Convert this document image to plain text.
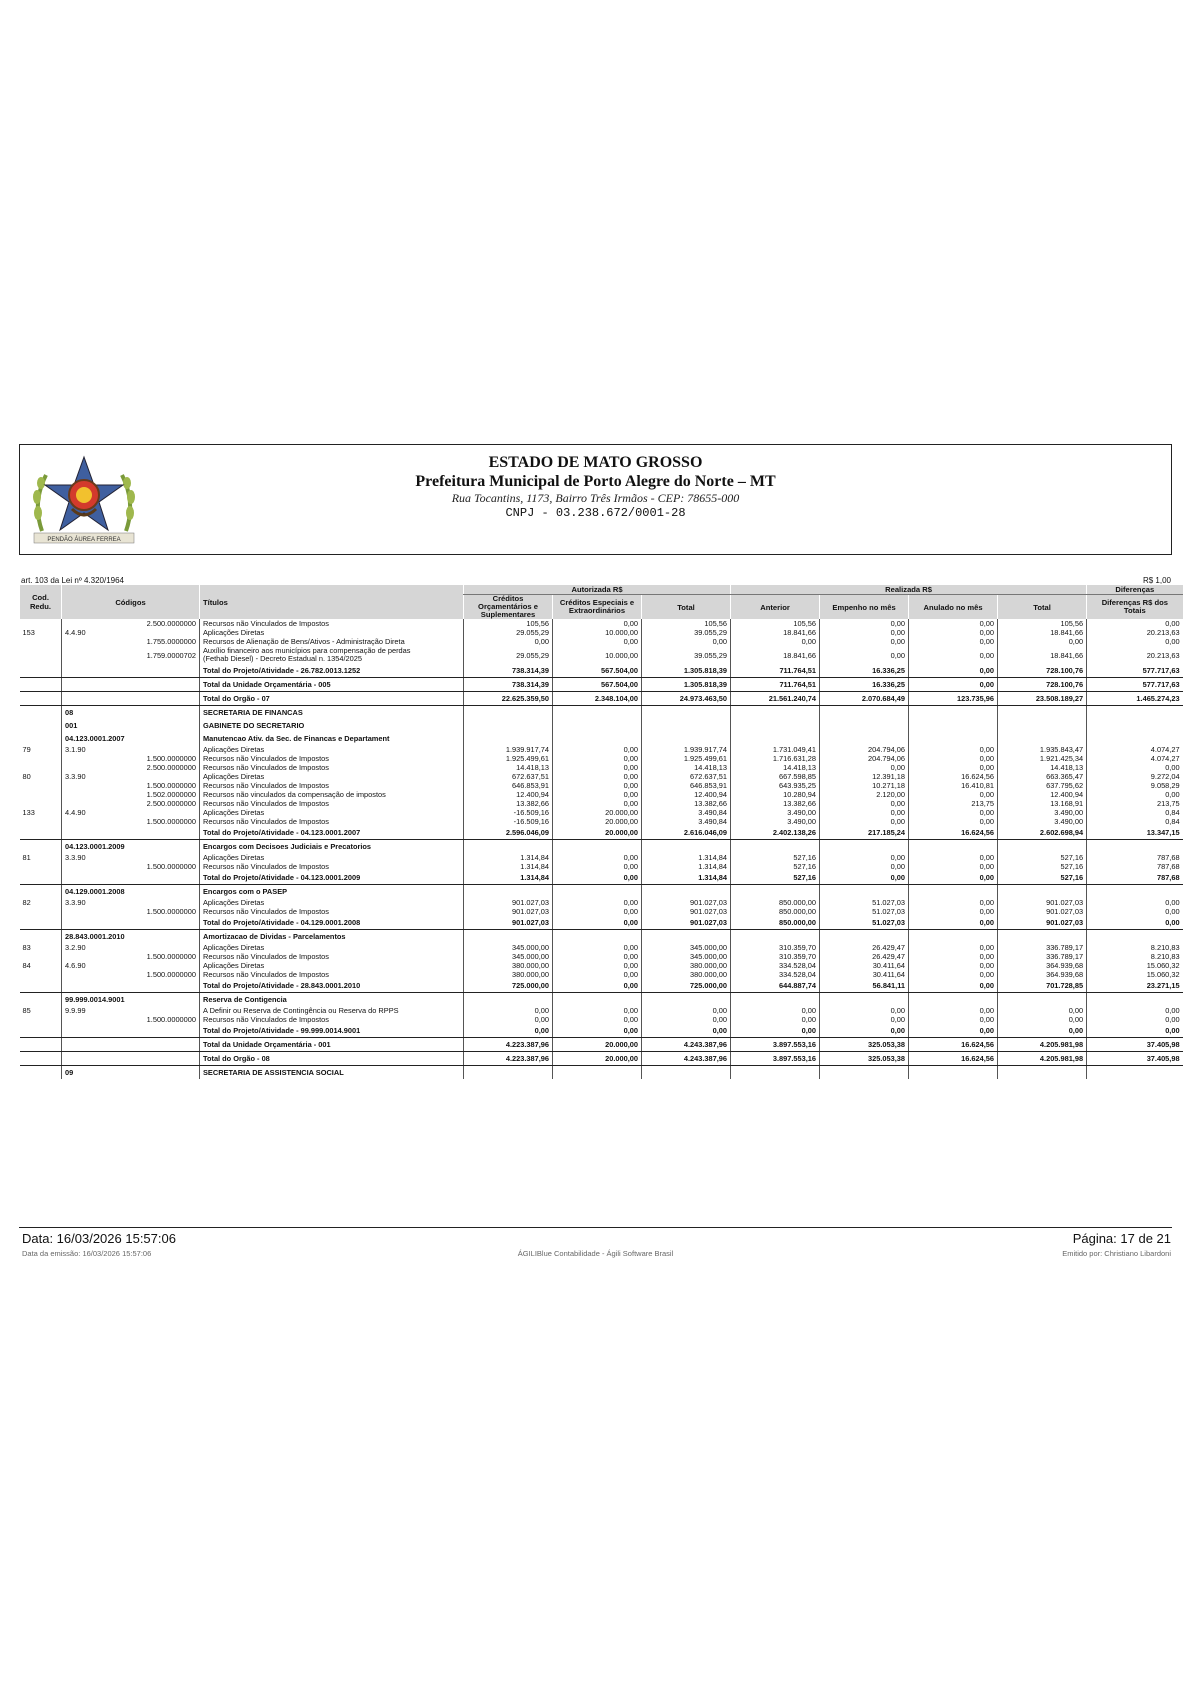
PENDÃO ÁUREA FERREA
ESTADO DE MATO GROSSO
Prefeitura Municipal de Porto Alegre do Norte – MT
Rua Tocantins, 1173, Bairro Três Irmãos - CEP: 78655-000
CNPJ - 03.238.672/0001-28
art. 103 da Lei nº 4.320/1964	R$ 1,00
Cod. Redu.	Códigos	Títulos	Autorizada R$			Realizada R$				Diferenças
			Créditos Orçamentários e Suplementares	Créditos Especiais e Extraordinários	Total	Anterior	Empenho no mês	Anulado no mês	Total	Diferenças R$ dos Totais
	2.500.0000000	Recursos não Vinculados de Impostos	105,56	0,00	105,56	105,56	0,00	0,00	105,56	0,00
153	4.4.90	Aplicações Diretas	29.055,29	10.000,00	39.055,29	18.841,66	0,00	0,00	18.841,66	20.213,63
	1.755.0000000	Recursos de Alienação de Bens/Ativos - Administração Direta	0,00	0,00	0,00	0,00	0,00	0,00	0,00	0,00
	1.759.0000702	Auxílio financeiro aos municípios para compensação de perdas
(Fethab Diesel) - Decreto Estadual n. 1354/2025	29.055,29	10.000,00	39.055,29	18.841,66	0,00	0,00	18.841,66	20.213,63
		Total do Projeto/Atividade - 26.782.0013.1252	738.314,39	567.504,00	1.305.818,39	711.764,51	16.336,25	0,00	728.100,76	577.717,63
		Total da Unidade Orçamentária - 005	738.314,39	567.504,00	1.305.818,39	711.764,51	16.336,25	0,00	728.100,76	577.717,63
		Total do Orgão - 07	22.625.359,50	2.348.104,00	24.973.463,50	21.561.240,74	2.070.684,49	123.735,96	23.508.189,27	1.465.274,23
	08	SECRETARIA DE FINANCAS								
	001	GABINETE DO SECRETARIO								
	04.123.0001.2007	Manutencao Ativ. da Sec. de Financas e Departament								
79	3.1.90	Aplicações Diretas	1.939.917,74	0,00	1.939.917,74	1.731.049,41	204.794,06	0,00	1.935.843,47	4.074,27
	1.500.0000000	Recursos não Vinculados de Impostos	1.925.499,61	0,00	1.925.499,61	1.716.631,28	204.794,06	0,00	1.921.425,34	4.074,27
	2.500.0000000	Recursos não Vinculados de Impostos	14.418,13	0,00	14.418,13	14.418,13	0,00	0,00	14.418,13	0,00
80	3.3.90	Aplicações Diretas	672.637,51	0,00	672.637,51	667.598,85	12.391,18	16.624,56	663.365,47	9.272,04
	1.500.0000000	Recursos não Vinculados de Impostos	646.853,91	0,00	646.853,91	643.935,25	10.271,18	16.410,81	637.795,62	9.058,29
	1.502.0000000	Recursos não vinculados da compensação de impostos	12.400,94	0,00	12.400,94	10.280,94	2.120,00	0,00	12.400,94	0,00
	2.500.0000000	Recursos não Vinculados de Impostos	13.382,66	0,00	13.382,66	13.382,66	0,00	213,75	13.168,91	213,75
133	4.4.90	Aplicações Diretas	-16.509,16	20.000,00	3.490,84	3.490,00	0,00	0,00	3.490,00	0,84
	1.500.0000000	Recursos não Vinculados de Impostos	-16.509,16	20.000,00	3.490,84	3.490,00	0,00	0,00	3.490,00	0,84
		Total do Projeto/Atividade - 04.123.0001.2007	2.596.046,09	20.000,00	2.616.046,09	2.402.138,26	217.185,24	16.624,56	2.602.698,94	13.347,15
	04.123.0001.2009	Encargos com Decisoes Judiciais e Precatorios								
81	3.3.90	Aplicações Diretas	1.314,84	0,00	1.314,84	527,16	0,00	0,00	527,16	787,68
	1.500.0000000	Recursos não Vinculados de Impostos	1.314,84	0,00	1.314,84	527,16	0,00	0,00	527,16	787,68
		Total do Projeto/Atividade - 04.123.0001.2009	1.314,84	0,00	1.314,84	527,16	0,00	0,00	527,16	787,68
	04.129.0001.2008	Encargos com o PASEP								
82	3.3.90	Aplicações Diretas	901.027,03	0,00	901.027,03	850.000,00	51.027,03	0,00	901.027,03	0,00
	1.500.0000000	Recursos não Vinculados de Impostos	901.027,03	0,00	901.027,03	850.000,00	51.027,03	0,00	901.027,03	0,00
		Total do Projeto/Atividade - 04.129.0001.2008	901.027,03	0,00	901.027,03	850.000,00	51.027,03	0,00	901.027,03	0,00
	28.843.0001.2010	Amortizacao de Dividas - Parcelamentos								
83	3.2.90	Aplicações Diretas	345.000,00	0,00	345.000,00	310.359,70	26.429,47	0,00	336.789,17	8.210,83
	1.500.0000000	Recursos não Vinculados de Impostos	345.000,00	0,00	345.000,00	310.359,70	26.429,47	0,00	336.789,17	8.210,83
84	4.6.90	Aplicações Diretas	380.000,00	0,00	380.000,00	334.528,04	30.411,64	0,00	364.939,68	15.060,32
	1.500.0000000	Recursos não Vinculados de Impostos	380.000,00	0,00	380.000,00	334.528,04	30.411,64	0,00	364.939,68	15.060,32
		Total do Projeto/Atividade - 28.843.0001.2010	725.000,00	0,00	725.000,00	644.887,74	56.841,11	0,00	701.728,85	23.271,15
	99.999.0014.9001	Reserva de Contigencia								
85	9.9.99	A Definir ou Reserva de Contingência ou Reserva do RPPS	0,00	0,00	0,00	0,00	0,00	0,00	0,00	0,00
	1.500.0000000	Recursos não Vinculados de Impostos	0,00	0,00	0,00	0,00	0,00	0,00	0,00	0,00
		Total do Projeto/Atividade - 99.999.0014.9001	0,00	0,00	0,00	0,00	0,00	0,00	0,00	0,00
		Total da Unidade Orçamentária - 001	4.223.387,96	20.000,00	4.243.387,96	3.897.553,16	325.053,38	16.624,56	4.205.981,98	37.405,98
		Total do Orgão - 08	4.223.387,96	20.000,00	4.243.387,96	3.897.553,16	325.053,38	16.624,56	4.205.981,98	37.405,98
	09	SECRETARIA DE ASSISTENCIA SOCIAL								
Data: 16/03/2026 15:57:06	Página: 17 de 21
Data da emissão: 16/03/2026 15:57:06	ÁGILIBlue Contabilidade - Ágili Software Brasil	Emitido por: Christiano Libardoni
